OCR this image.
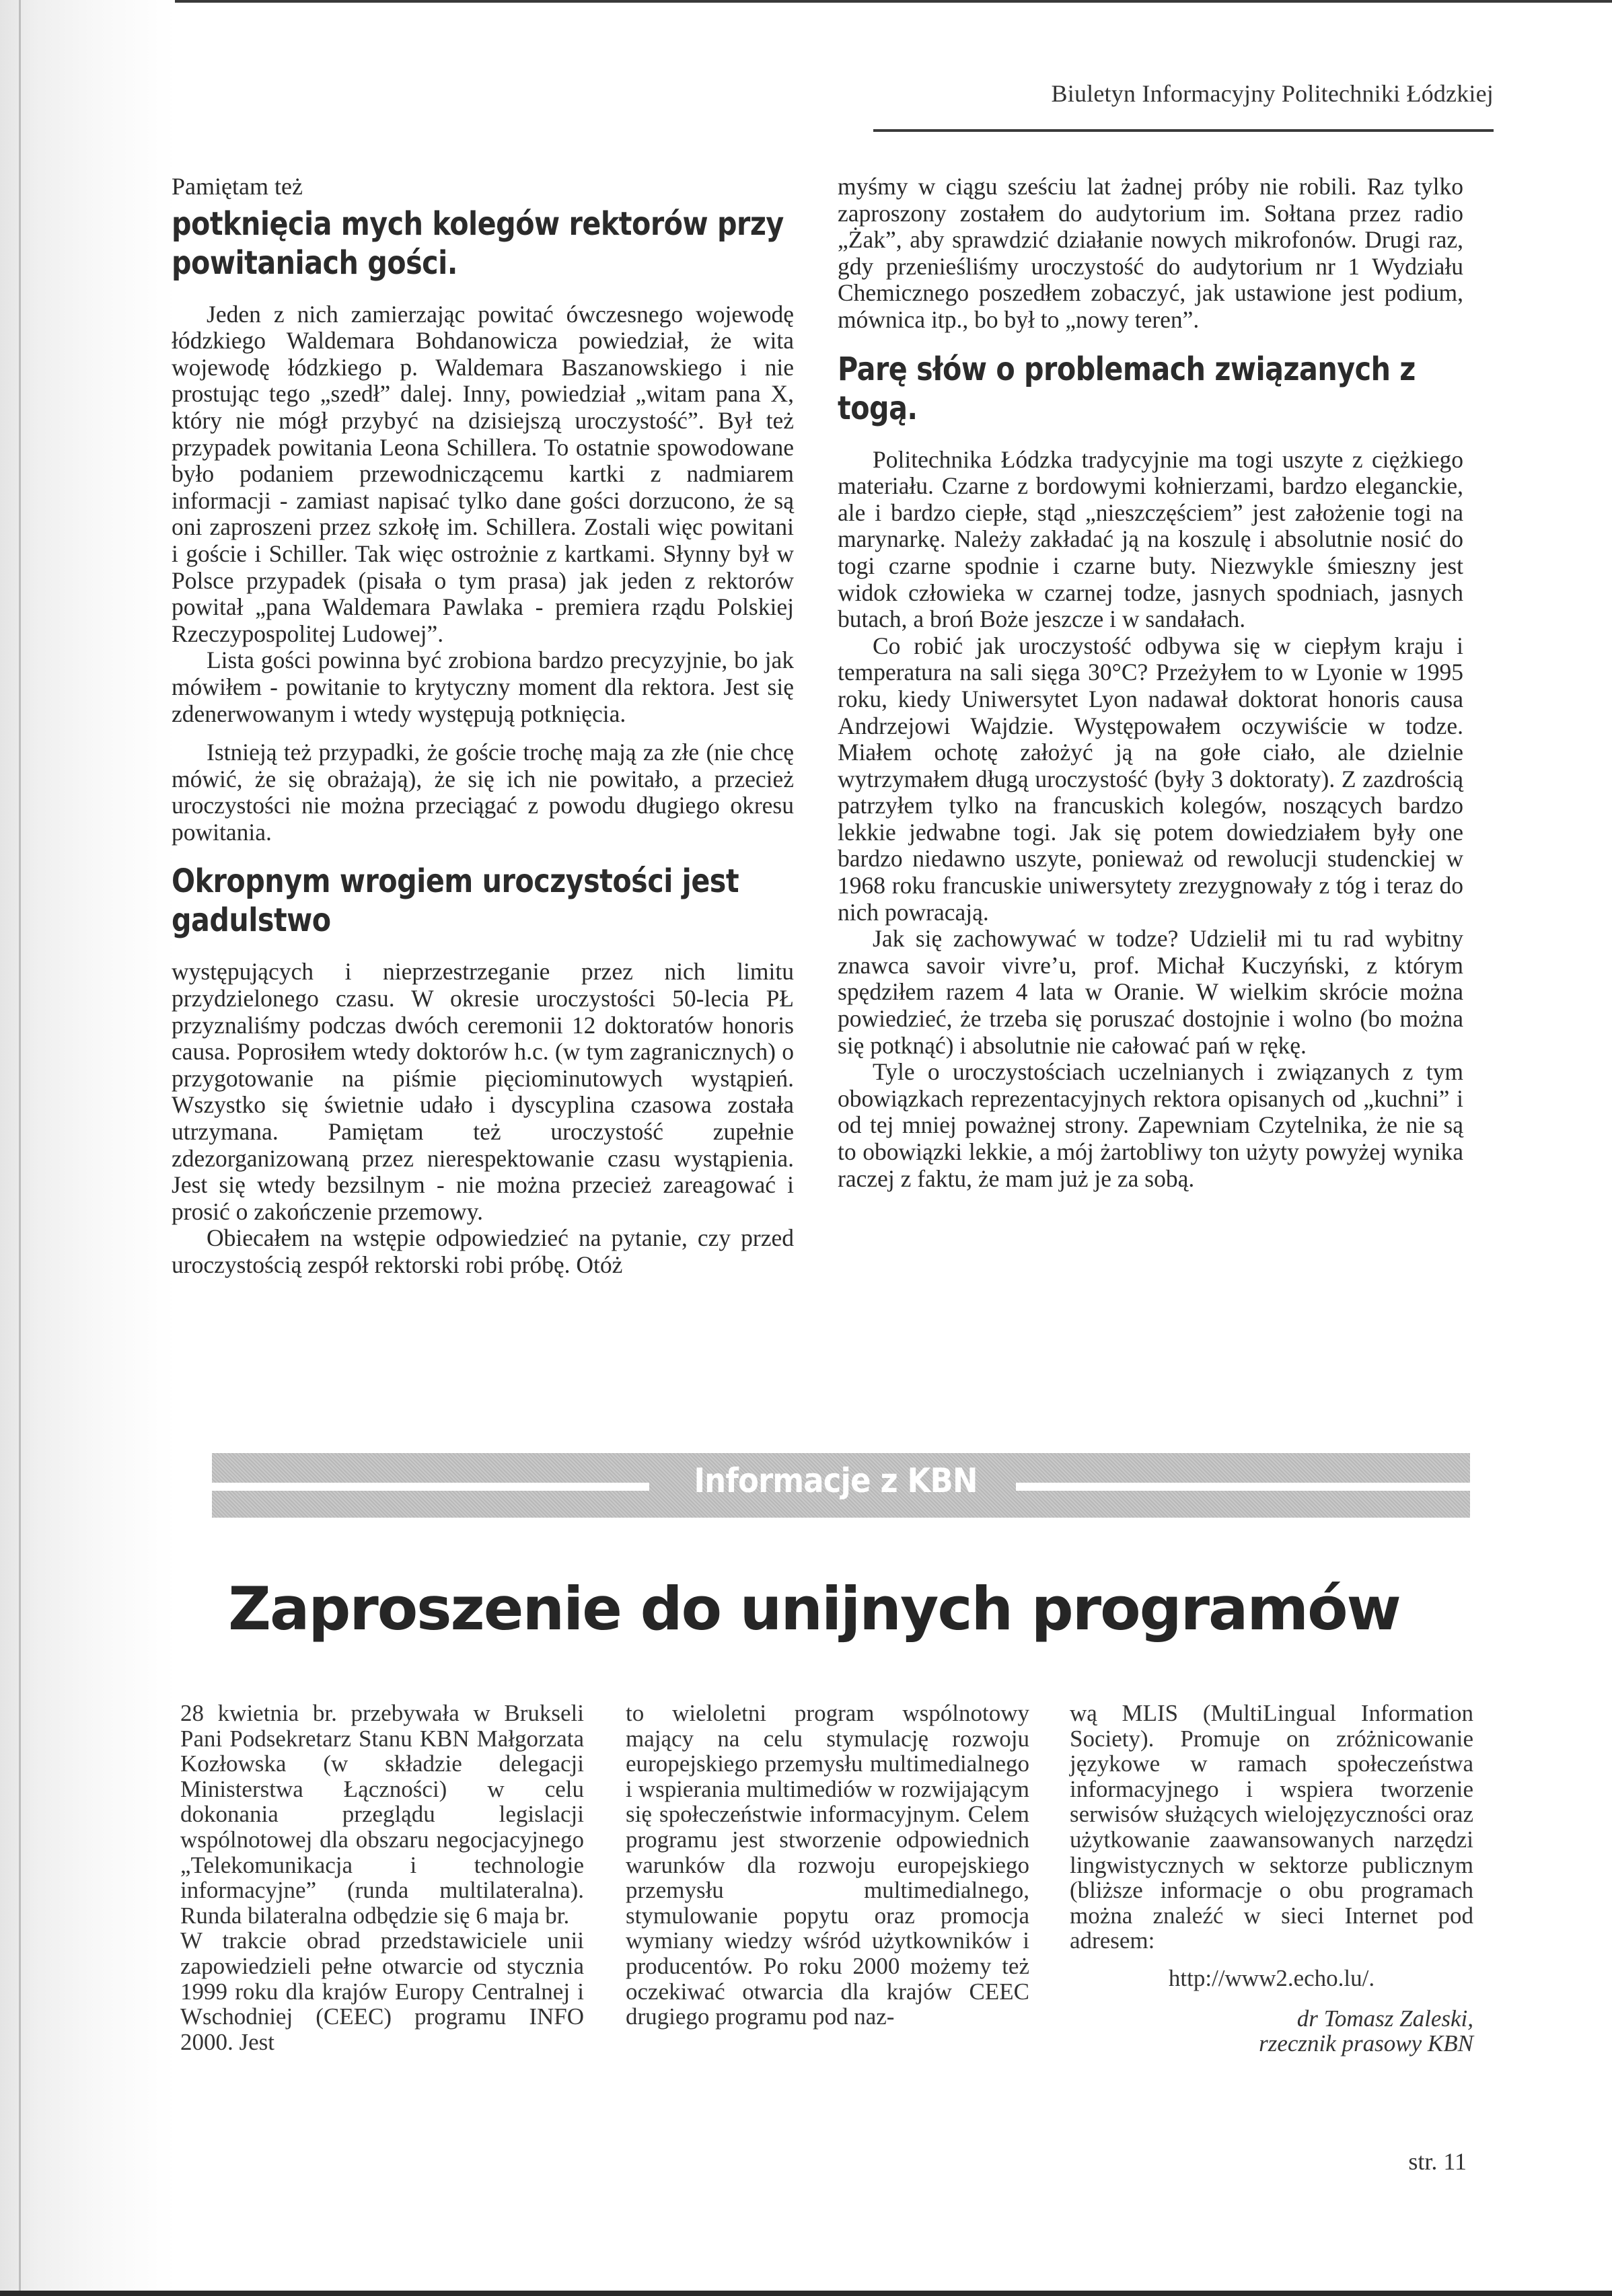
Biuletyn Informacyjny Politechniki Łódzkiej

Pamiętam też

potknięcia mych kolegów rektorów przy powitaniach gości.

Jeden z nich zamierzając powitać ówczesnego wojewodę łódzkiego Waldemara Bohdanowicza powiedział, że wita wojewodę łódzkiego p. Waldemara Baszanowskiego i nie prostując tego „szedł” dalej. Inny, powiedział „witam pana X, który nie mógł przybyć na dzisiejszą uroczystość”. Był też przypadek powitania Leona Schillera. To ostatnie spowodowane było podaniem przewodniczącemu kartki z nadmiarem informacji - zamiast napisać tylko dane gości dorzucono, że są oni zaproszeni przez szkołę im. Schillera. Zostali więc powitani i goście i Schiller. Tak więc ostrożnie z kartkami. Słynny był w Polsce przypadek (pisała o tym prasa) jak jeden z rektorów powitał „pana Waldemara Pawlaka - premiera rządu Polskiej Rzeczypospolitej Ludowej”.

Lista gości powinna być zrobiona bardzo precyzyjnie, bo jak mówiłem - powitanie to krytyczny moment dla rektora. Jest się zdenerwowanym i wtedy występują potknięcia.

Istnieją też przypadki, że goście trochę mają za złe (nie chcę mówić, że się obrażają), że się ich nie powitało, a przecież uroczystości nie można przeciągać z powodu długiego okresu powitania.

Okropnym wrogiem uroczystości jest gadulstwo

występujących i nieprzestrzeganie przez nich limitu przydzielonego czasu. W okresie uroczystości 50-lecia PŁ przyznaliśmy podczas dwóch ceremonii 12 doktoratów honoris causa. Poprosiłem wtedy doktorów h.c. (w tym zagranicznych) o przygotowanie na piśmie pięciominutowych wystąpień. Wszystko się świetnie udało i dyscyplina czasowa została utrzymana. Pamiętam też uroczystość zupełnie zdezorganizowaną przez nierespektowanie czasu wystąpienia. Jest się wtedy bezsilnym - nie można przecież zareagować i prosić o zakończenie przemowy.

Obiecałem na wstępie odpowiedzieć na pytanie, czy przed uroczystością zespół rektorski robi próbę. Otóż

myśmy w ciągu sześciu lat żadnej próby nie robili. Raz tylko zaproszony zostałem do audytorium im. Sołtana przez radio „Żak”, aby sprawdzić działanie nowych mikrofonów. Drugi raz, gdy przenieśliśmy uroczystość do audytorium nr 1 Wydziału Chemicznego poszedłem zobaczyć, jak ustawione jest podium, mównica itp., bo był to „nowy teren”.

Parę słów o problemach związanych z togą.

Politechnika Łódzka tradycyjnie ma togi uszyte z ciężkiego materiału. Czarne z bordowymi kołnierzami, bardzo eleganckie, ale i bardzo ciepłe, stąd „nieszczęściem” jest założenie togi na marynarkę. Należy zakładać ją na koszulę i absolutnie nosić do togi czarne spodnie i czarne buty. Niezwykle śmieszny jest widok człowieka w czarnej todze, jasnych spodniach, jasnych butach, a broń Boże jeszcze i w sandałach.

Co robić jak uroczystość odbywa się w ciepłym kraju i temperatura na sali sięga 30°C? Przeżyłem to w Lyonie w 1995 roku, kiedy Uniwersytet Lyon nadawał doktorat honoris causa Andrzejowi Wajdzie. Występowałem oczywiście w todze. Miałem ochotę założyć ją na gołe ciało, ale dzielnie wytrzymałem długą uroczystość (były 3 doktoraty). Z zazdrością patrzyłem tylko na francuskich kolegów, noszących bardzo lekkie jedwabne togi. Jak się potem dowiedziałem były one bardzo niedawno uszyte, ponieważ od rewolucji studenckiej w 1968 roku francuskie uniwersytety zrezygnowały z tóg i teraz do nich powracają.

Jak się zachowywać w todze? Udzielił mi tu rad wybitny znawca savoir vivre’u, prof. Michał Kuczyński, z którym spędziłem razem 4 lata w Oranie. W wielkim skrócie można powiedzieć, że trzeba się poruszać dostojnie i wolno (bo można się potknąć) i absolutnie nie całować pań w rękę.

Tyle o uroczystościach uczelnianych i związanych z tym obowiązkach reprezentacyjnych rektora opisanych od „kuchni” i od tej mniej poważnej strony. Zapewniam Czytelnika, że nie są to obowiązki lekkie, a mój żartobliwy ton użyty powyżej wynika raczej z faktu, że mam już je za sobą.

Informacje z KBN
Zaproszenie do unijnych programów

28 kwietnia br. przebywała w Brukseli Pani Podsekretarz Stanu KBN Małgorzata Kozłowska (w składzie delegacji Ministerstwa Łączności) w celu dokonania przeglądu legislacji wspólnotowej dla obszaru negocjacyjnego „Telekomunikacja i technologie informacyjne” (runda multilateralna). Runda bilateralna odbędzie się 6 maja br.

W trakcie obrad przedstawiciele unii zapowiedzieli pełne otwarcie od stycznia 1999 roku dla krajów Europy Centralnej i Wschodniej (CEEC) programu INFO 2000. Jest

to wieloletni program wspólnotowy mający na celu stymulację rozwoju europejskiego przemysłu multimedialnego i wspierania multimediów w rozwijającym się społeczeństwie informacyjnym. Celem programu jest stworzenie odpowiednich warunków dla rozwoju europejskiego przemysłu multimedialnego, stymulowanie popytu oraz promocja wymiany wiedzy wśród użytkowników i producentów. Po roku 2000 możemy też oczekiwać otwarcia dla krajów CEEC drugiego programu pod naz-

wą MLIS (MultiLingual Information Society). Promuje on zróżnicowanie językowe w ramach społeczeństwa informacyjnego i wspiera tworzenie serwisów służących wielojęzyczności oraz użytkowanie zaawansowanych narzędzi lingwistycznych w sektorze publicznym (bliższe informacje o obu programach można znaleźć w sieci Internet pod adresem:

http://www2.echo.lu/.
dr Tomasz Zaleski,
rzecznik prasowy KBN
str. 11
